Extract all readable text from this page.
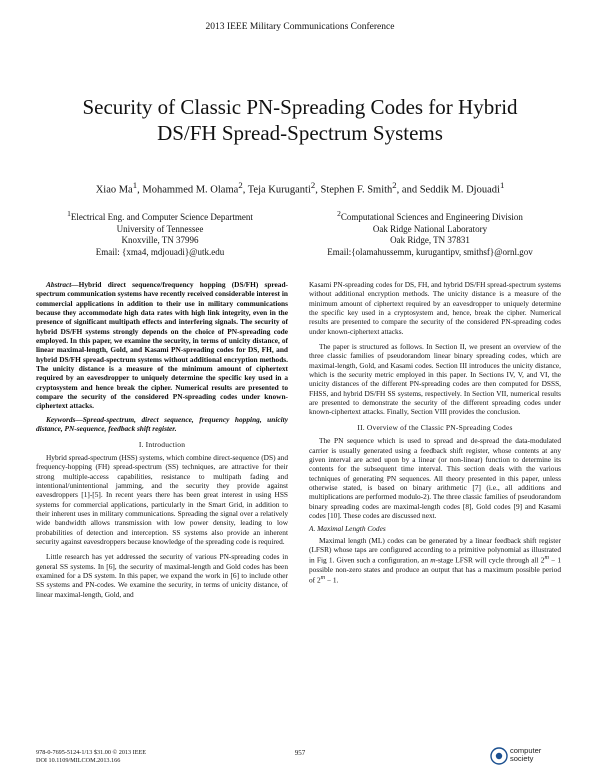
2013 IEEE Military Communications Conference
Security of Classic PN-Spreading Codes for Hybrid
DS/FH Spread-Spectrum Systems
Xiao Ma$^1$, Mohammed M. Olama$^2$, Teja Kuruganti$^2$, Stephen F. Smith$^2$, and Seddik M. Djouadi$^1$
$^1$Electrical Eng. and Computer Science Department
University of Tennessee
Knoxville, TN 37996
Email: {xma4, mdjouadi}@utk.edu
$^2$Computational Sciences and Engineering Division
Oak Ridge National Laboratory
Oak Ridge, TN 37831
Email:{olamahussemm, kurugantipv, smithsf}@ornl.gov

Abstract—Hybrid direct sequence/frequency hopping (DS/FH) spread-spectrum communication systems have recently received considerable interest in commercial applications in addition to their use in military communications because they accommodate high data rates with high link integrity, even in the presence of significant multipath effects and interfering signals. The security of hybrid DS/FH systems strongly depends on the choice of PN-spreading code employed. In this paper, we examine the security, in terms of unicity distance, of linear maximal-length, Gold, and Kasami PN-spreading codes for DS, FH, and hybrid DS/FH spread-spectrum systems without additional encryption methods. The unicity distance is a measure of the minimum amount of ciphertext required by an eavesdropper to uniquely determine the specific key used in a cryptosystem and hence break the cipher. Numerical results are presented to compare the security of the considered PN-spreading codes under known-ciphertext attacks.

Keywords—Spread-spectrum, direct sequence, frequency hopping, unicity distance, PN-sequence, feedback shift register.

I. Introduction

Hybrid spread-spectrum (HSS) systems, which combine direct-sequence (DS) and frequency-hopping (FH) spread-spectrum (SS) techniques, are attractive for their strong multiple-access capabilities, resistance to multipath fading and intentional/unintentional jamming, and the security they provide against eavesdroppers [1]-[5]. In recent years there has been great interest in using HSS systems for commercial applications, particularly in the Smart Grid, in addition to their inherent uses in military communications. Spreading the signal over a relatively wide bandwidth allows transmission with low power density, leading to low probabilities of detection and interception. SS systems also provide an inherent security against eavesdroppers because knowledge of the spreading code is required.

Little research has yet addressed the security of various PN-spreading codes in general SS systems. In [6], the security of maximal-length and Gold codes has been examined for a DS system. In this paper, we expand the work in [6] to include other SS systems and PN-codes. We examine the security, in terms of unicity distance, of linear maximal-length, Gold, and

Kasami PN-spreading codes for DS, FH, and hybrid DS/FH spread-spectrum systems without additional encryption methods. The unicity distance is a measure of the minimum amount of ciphertext required by an eavesdropper to uniquely determine the specific key used in a cryptosystem and, hence, break the cipher. Numerical results are presented to compare the security of the considered PN-spreading codes under known-ciphertext attacks.

The paper is structured as follows. In Section II, we present an overview of the three classic families of pseudorandom linear binary spreading codes, which are maximal-length, Gold, and Kasami codes. Section III introduces the unicity distance, which is the security metric employed in this paper. In Sections IV, V, and VI, the unicity distances of the different PN-spreading codes are then computed for DSSS, FHSS, and hybrid DS/FH SS systems, respectively. In Section VII, numerical results are presented to demonstrate the security of the different spreading codes under known-ciphertext attacks. Finally, Section VIII provides the conclusion.

II. Overview of the Classic PN-Spreading Codes

The PN sequence which is used to spread and de-spread the data-modulated carrier is usually generated using a feedback shift register, whose contents at any given interval are acted upon by a linear (or non-linear) function to determine its contents for the subsequent time interval. This section deals with the various techniques of generating PN sequences. All theory presented in this paper, unless otherwise stated, is based on binary arithmetic [7] (i.e., all additions and multiplications are performed modulo-2). The three classic families of pseudorandom binary spreading codes are maximal-length codes [8], Gold codes [9] and Kasami codes [10]. These codes are discussed next.

A. Maximal Length Codes

Maximal length (ML) codes can be generated by a linear feedback shift register (LFSR) whose taps are configured according to a primitive polynomial as illustrated in Fig 1. Given such a configuration, an m-stage LFSR will cycle through all $2^m - 1$ possible non-zero states and produce an output that has a maximum possible period of $2^m - 1$.

978-0-7695-5124-1/13 $31.00 © 2013 IEEE
DOI 10.1109/MILCOM.2013.166
957	computer
society
